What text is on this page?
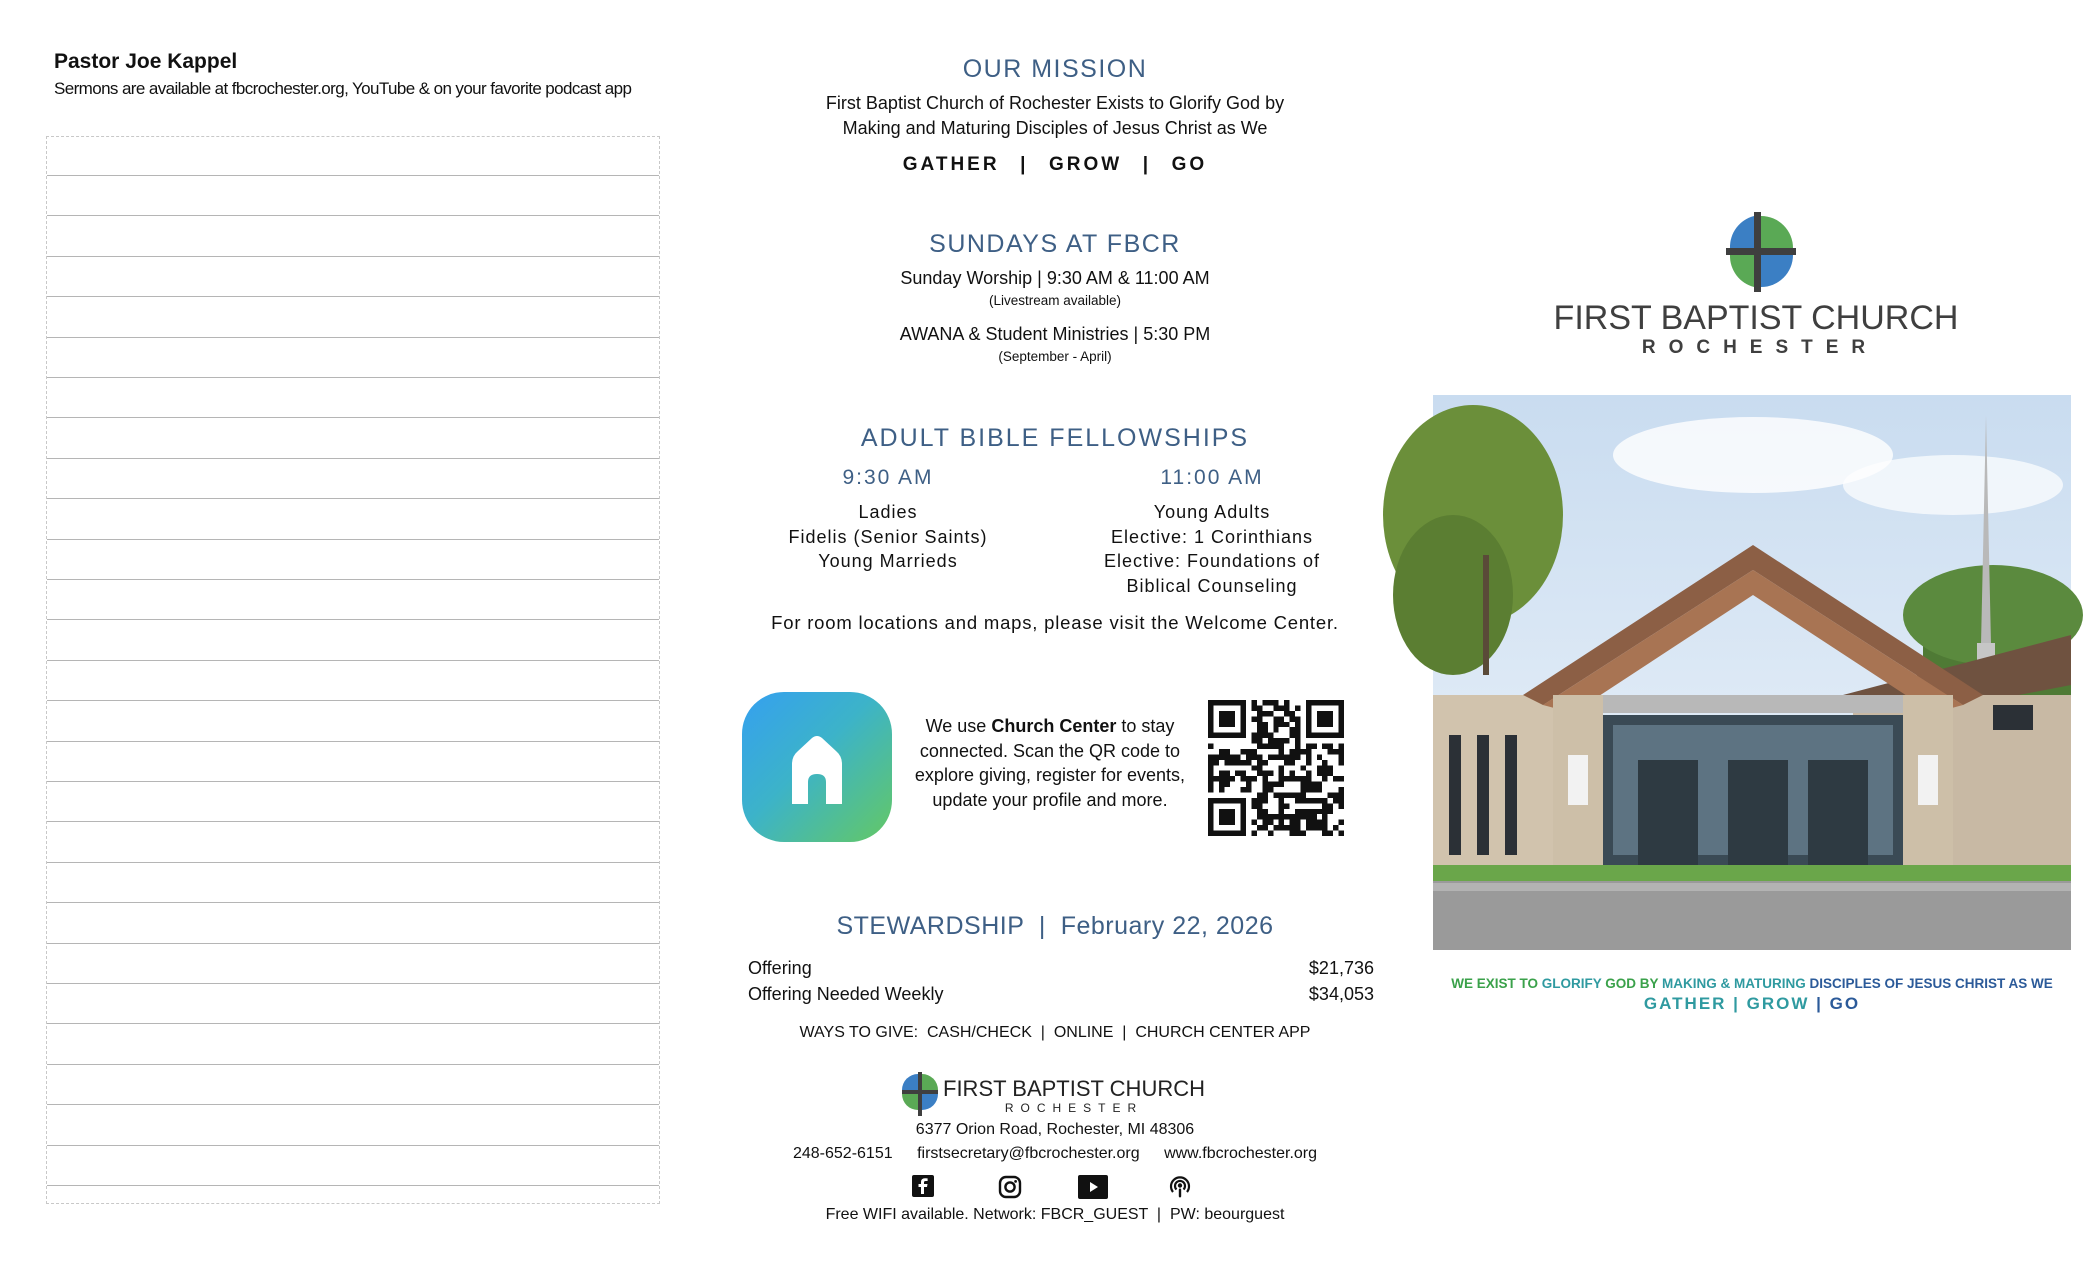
Pastor Joe Kappel
Sermons are available at fbcrochester.org, YouTube & on your favorite podcast app
OUR MISSION
First Baptist Church of Rochester Exists to Glorify God by
Making and Maturing Disciples of Jesus Christ as We
GATHER  |  GROW  |  GO
SUNDAYS AT FBCR
Sunday Worship | 9:30 AM & 11:00 AM
(Livestream available)
AWANA & Student Ministries | 5:30 PM
(September - April)
ADULT BIBLE FELLOWSHIPS
9:30 AM
Ladies
Fidelis (Senior Saints)
Young Marrieds
11:00 AM
Young Adults
Elective: 1 Corinthians
Elective: Foundations of
Biblical Counseling
For room locations and maps, please visit the Welcome Center.
We use Church Center to stay connected. Scan the QR code to explore giving, register for events, update your profile and more.
STEWARDSHIP  |  February 22, 2026
Offering	$21,736
Offering Needed Weekly	$34,053
WAYS TO GIVE:  CASH/CHECK  |  ONLINE  |  CHURCH CENTER APP
FIRST BAPTIST CHURCH
ROCHESTER
6377 Orion Road, Rochester, MI 48306
248-652-6151 firstsecretary@fbcrochester.org www.fbcrochester.org
Free WIFI available. Network: FBCR_GUEST  |  PW: beourguest
FIRST BAPTIST CHURCH
ROCHESTER
WE EXIST TO GLORIFY GOD BY MAKING & MATURING DISCIPLES OF JESUS CHRIST AS WE
GATHER | GROW | GO
